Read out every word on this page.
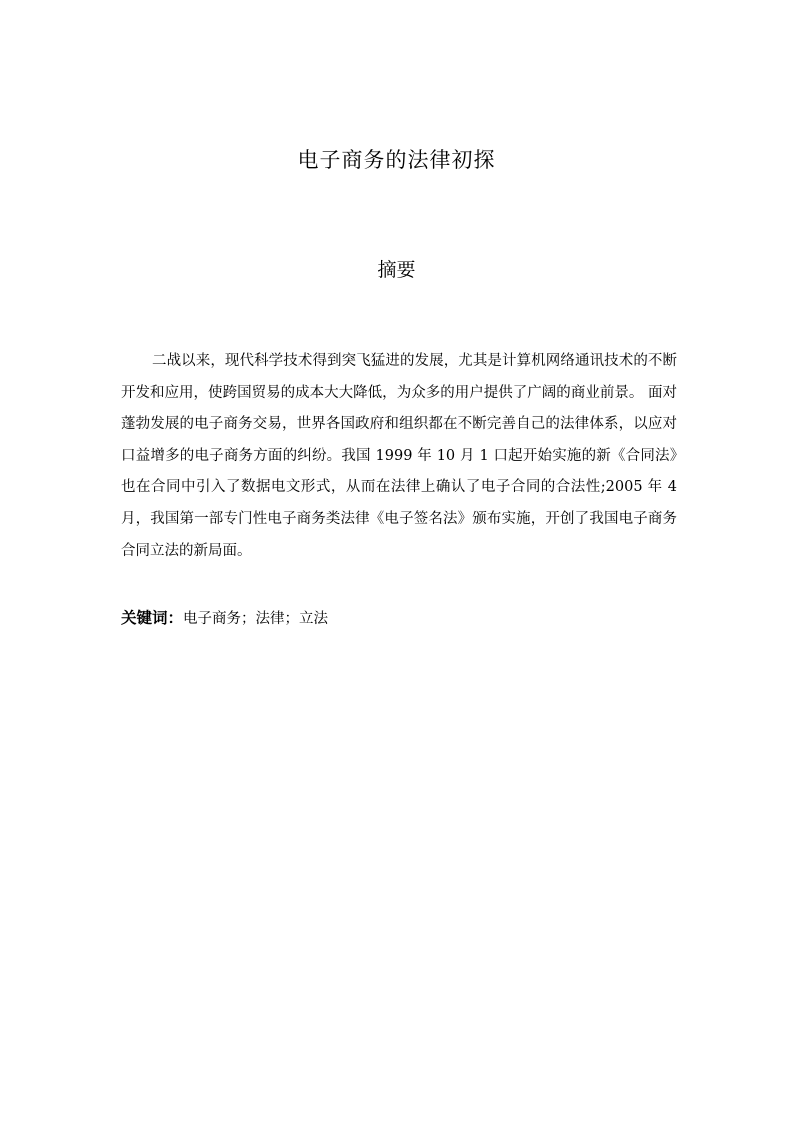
电子商务的法律初探
摘要

二战以来，现代科学技术得到突飞猛进的发展，尤其是计算机网络通讯技术的不断开发和应用，使跨国贸易的成本大大降低，为众多的用户提供了广阔的商业前景。 面对蓬勃发展的电子商务交易，世界各国政府和组织都在不断完善自己的法律体系，以应对口益增多的电子商务方面的纠纷。我国 1999 年 10 月 1 口起开始实施的新《合同法》也在合同中引入了数据电文形式，从而在法律上确认了电子合同的合法性;2005 年 4 月，我国第一部专门性电子商务类法律《电子签名法》颁布实施，开创了我国电子商务合同立法的新局面。

关键词：电子商务；法律；立法
